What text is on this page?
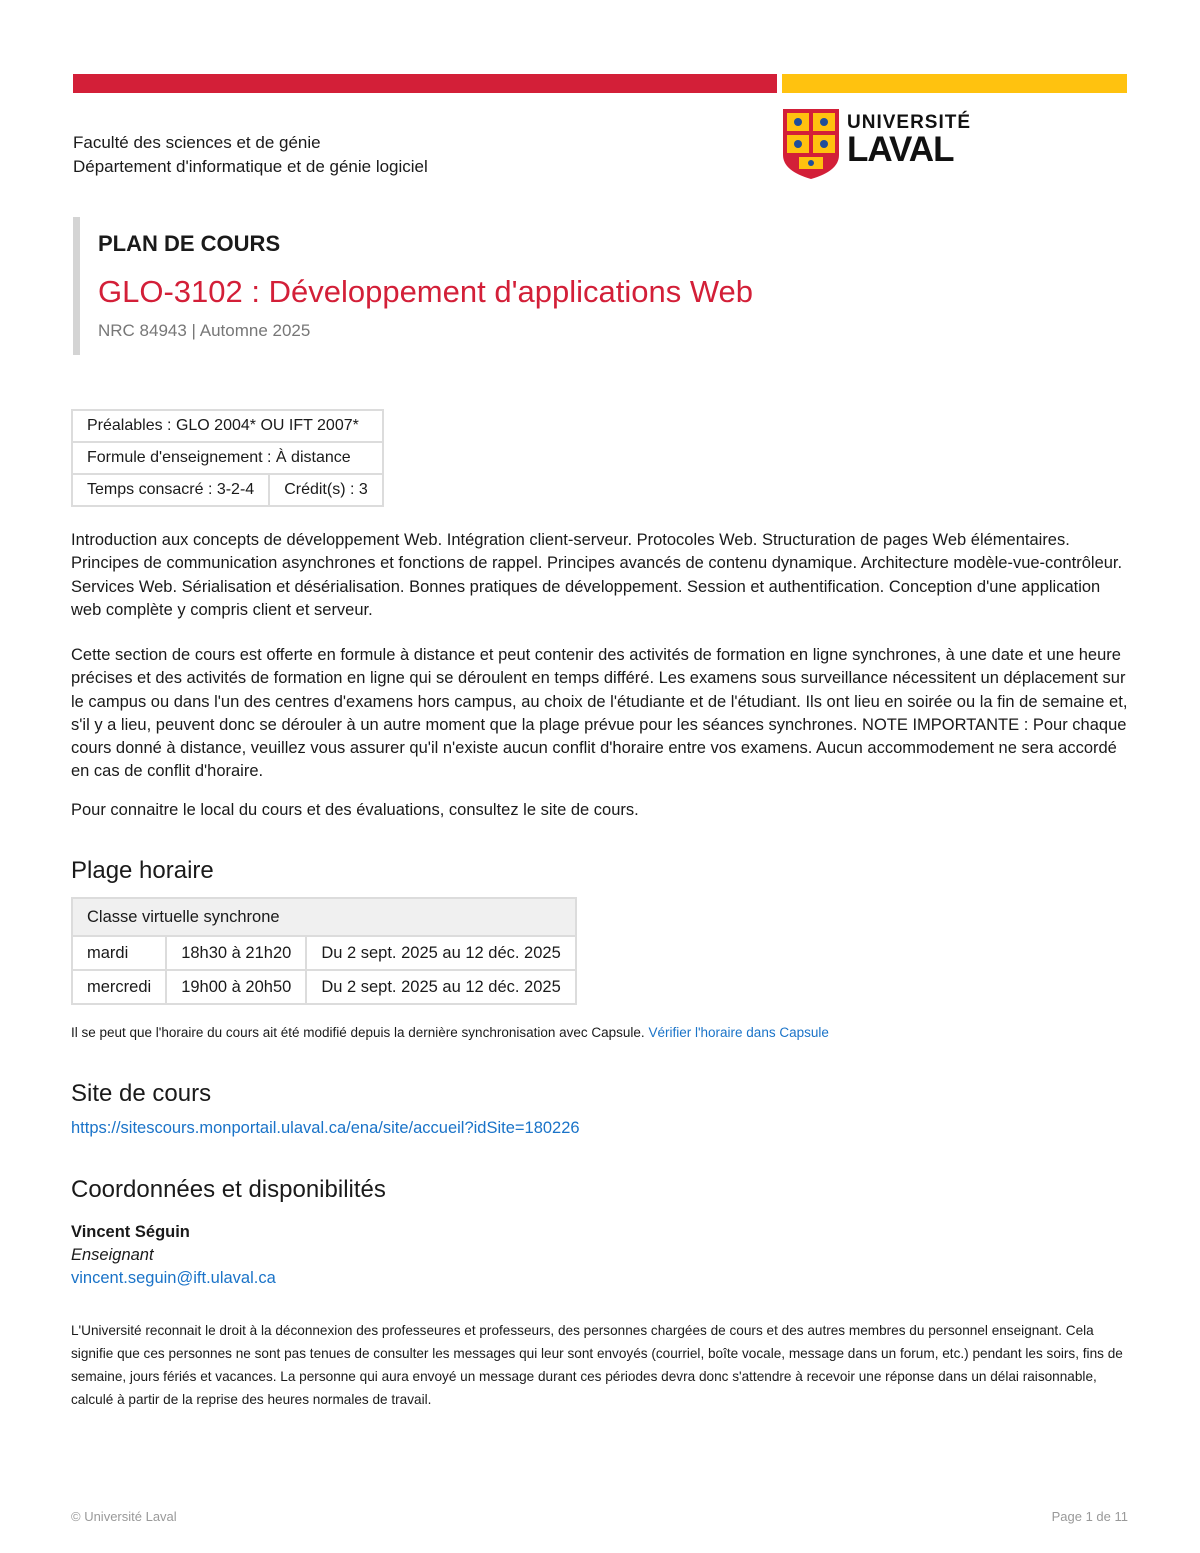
Faculté des sciences et de génie
Département d'informatique et de génie logiciel
UNIVERSITÉ
LAVAL
PLAN DE COURS
GLO-3102 : Développement d'applications Web
NRC 84943 | Automne 2025
Préalables : GLO 2004* OU IFT 2007*
Formule d'enseignement : À distance
Temps consacré : 3-2-4	Crédit(s) : 3

Introduction aux concepts de développement Web. Intégration client-serveur. Protocoles Web. Structuration de pages Web élémentaires. Principes de communication asynchrones et fonctions de rappel. Principes avancés de contenu dynamique. Architecture modèle-vue-contrôleur. Services Web. Sérialisation et désérialisation. Bonnes pratiques de développement. Session et authentification. Conception d'une application web complète y compris client et serveur.

Cette section de cours est offerte en formule à distance et peut contenir des activités de formation en ligne synchrones, à une date et une heure précises et des activités de formation en ligne qui se déroulent en temps différé. Les examens sous surveillance nécessitent un déplacement sur le campus ou dans l'un des centres d'examens hors campus, au choix de l'étudiante et de l'étudiant. Ils ont lieu en soirée ou la fin de semaine et, s'il y a lieu, peuvent donc se dérouler à un autre moment que la plage prévue pour les séances synchrones. NOTE IMPORTANTE : Pour chaque cours donné à distance, veuillez vous assurer qu'il n'existe aucun conflit d'horaire entre vos examens. Aucun accommodement ne sera accordé en cas de conflit d'horaire.

Pour connaitre le local du cours et des évaluations, consultez le site de cours.

Plage horaire
Classe virtuelle synchrone		
mardi	18h30 à 21h20	Du 2 sept. 2025 au 12 déc. 2025
mercredi	19h00 à 20h50	Du 2 sept. 2025 au 12 déc. 2025
Il se peut que l'horaire du cours ait été modifié depuis la dernière synchronisation avec Capsule. Vérifier l'horaire dans Capsule
Site de cours
https://sitescours.monportail.ulaval.ca/ena/site/accueil?idSite=180226
Coordonnées et disponibilités
Vincent Séguin
Enseignant
vincent.seguin@ift.ulaval.ca

L'Université reconnait le droit à la déconnexion des professeures et professeurs, des personnes chargées de cours et des autres membres du personnel enseignant. Cela signifie que ces personnes ne sont pas tenues de consulter les messages qui leur sont envoyés (courriel, boîte vocale, message dans un forum, etc.) pendant les soirs, fins de semaine, jours fériés et vacances. La personne qui aura envoyé un message durant ces périodes devra donc s'attendre à recevoir une réponse dans un délai raisonnable, calculé à partir de la reprise des heures normales de travail.

© Université Laval	Page 1 de 11
